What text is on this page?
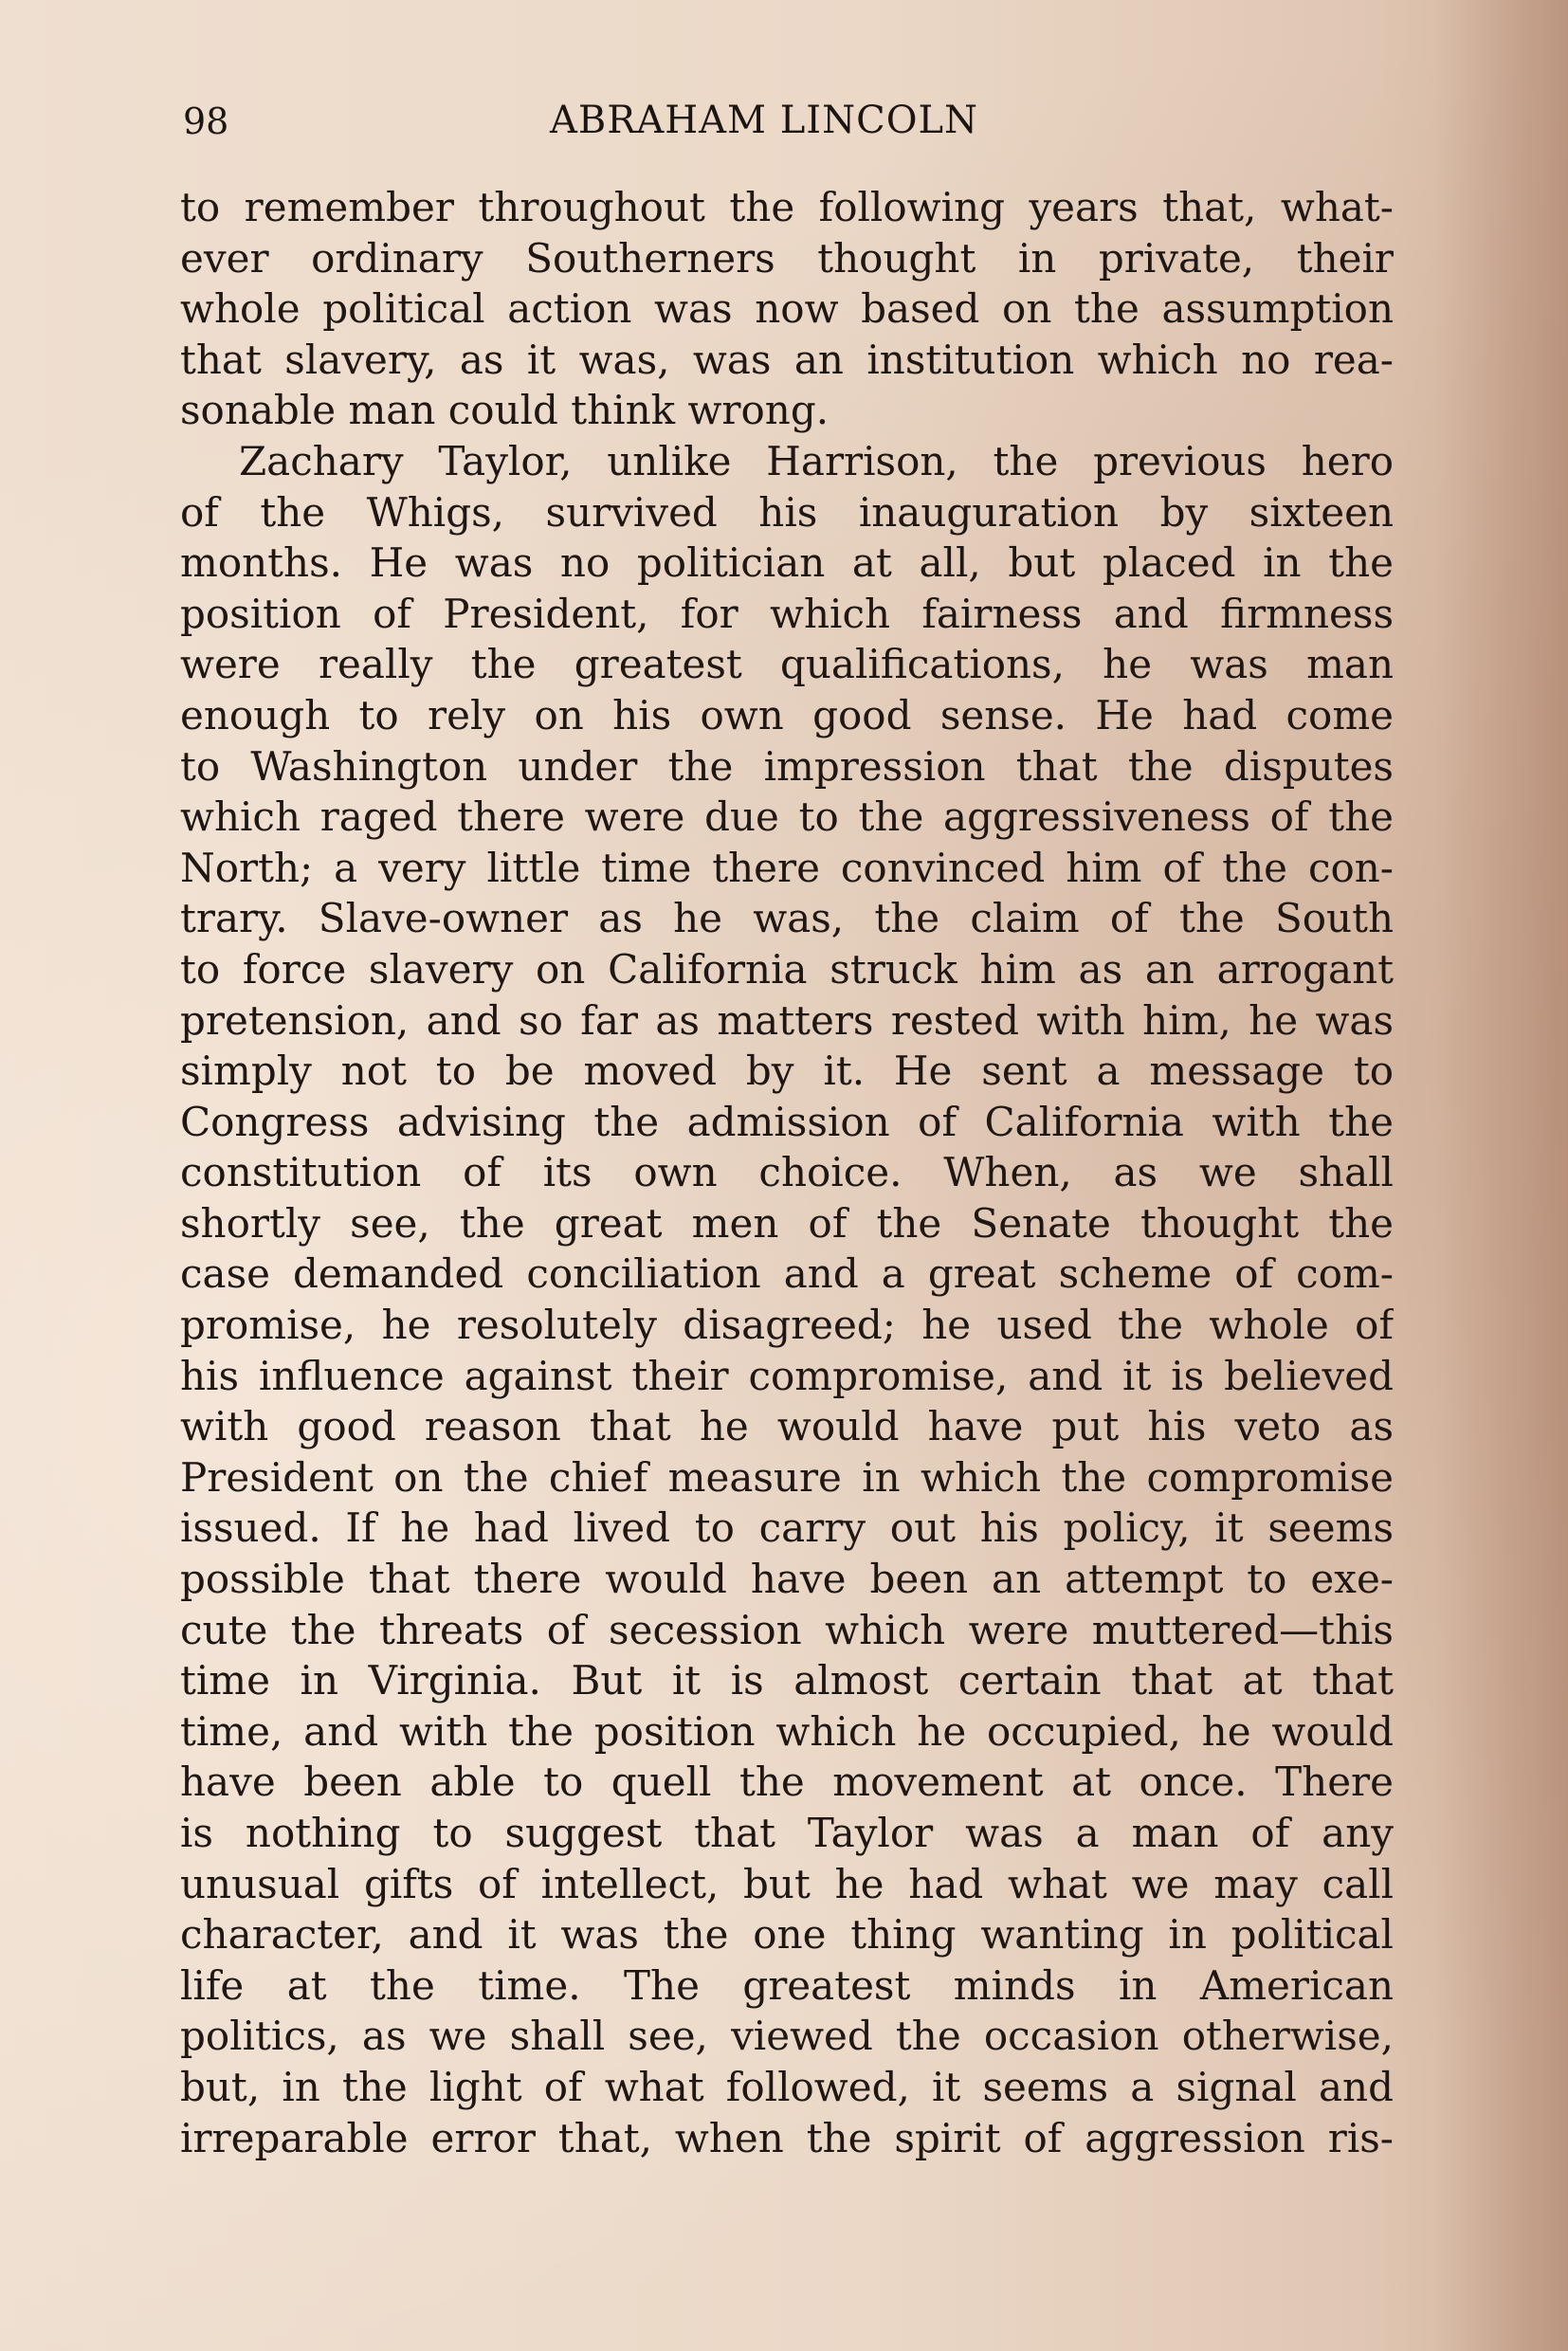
98	ABRAHAM LINCOLN
to remember throughout the following years that, what-
ever ordinary Southerners thought in private, their
whole political action was now based on the assumption
that slavery, as it was, was an institution which no rea-
sonable man could think wrong.
Zachary Taylor, unlike Harrison, the previous hero
of the Whigs, survived his inauguration by sixteen
months. He was no politician at all, but placed in the
position of President, for which fairness and firmness
were really the greatest qualifications, he was man
enough to rely on his own good sense. He had come
to Washington under the impression that the disputes
which raged there were due to the aggressiveness of the
North; a very little time there convinced him of the con-
trary. Slave-owner as he was, the claim of the South
to force slavery on California struck him as an arrogant
pretension, and so far as matters rested with him, he was
simply not to be moved by it. He sent a message to
Congress advising the admission of California with the
constitution of its own choice. When, as we shall
shortly see, the great men of the Senate thought the
case demanded conciliation and a great scheme of com-
promise, he resolutely disagreed; he used the whole of
his influence against their compromise, and it is believed
with good reason that he would have put his veto as
President on the chief measure in which the compromise
issued. If he had lived to carry out his policy, it seems
possible that there would have been an attempt to exe-
cute the threats of secession which were muttered—this
time in Virginia. But it is almost certain that at that
time, and with the position which he occupied, he would
have been able to quell the movement at once. There
is nothing to suggest that Taylor was a man of any
unusual gifts of intellect, but he had what we may call
character, and it was the one thing wanting in political
life at the time. The greatest minds in American
politics, as we shall see, viewed the occasion otherwise,
but, in the light of what followed, it seems a signal and
irreparable error that, when the spirit of aggression ris-
